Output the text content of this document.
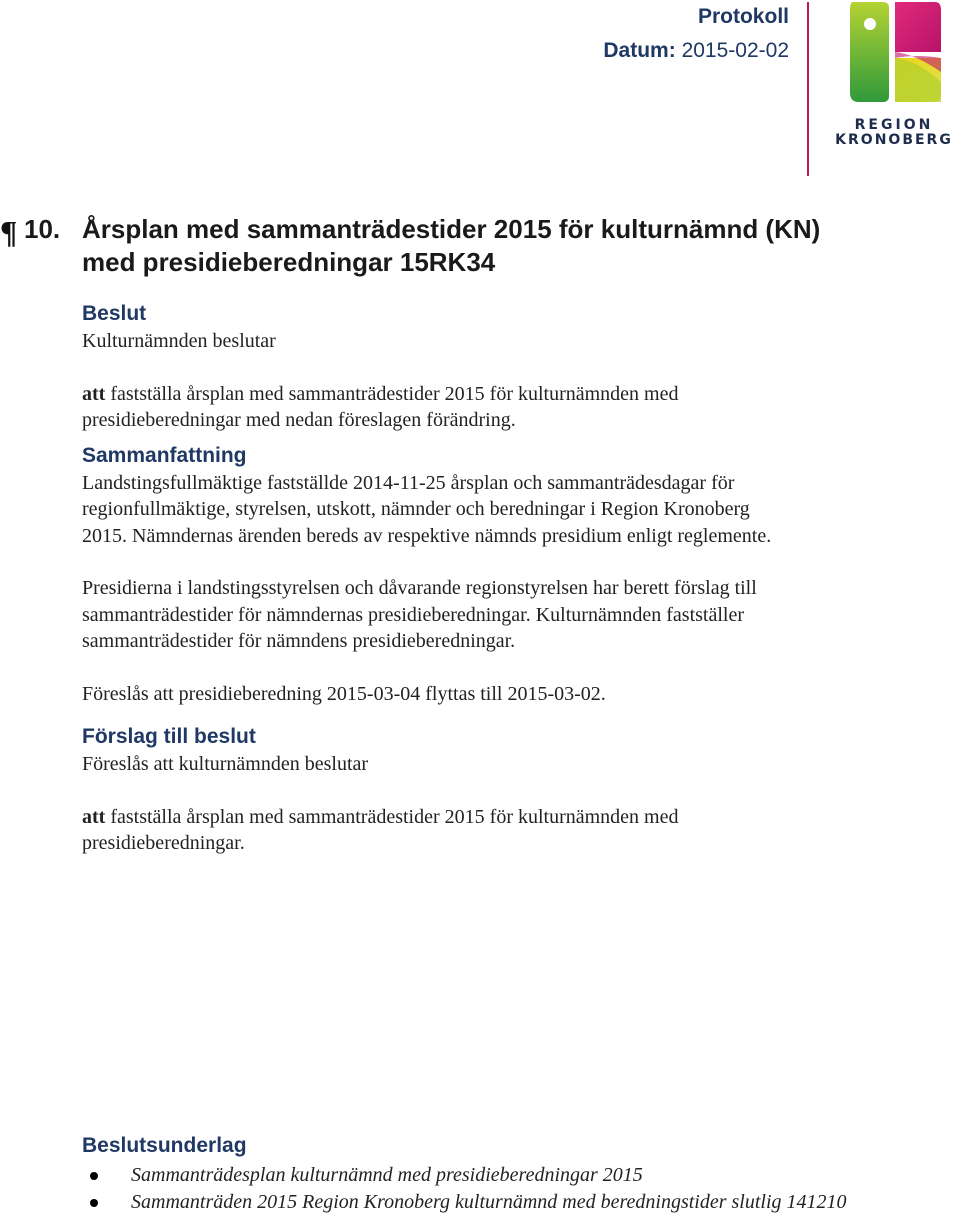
Protokoll
Datum: 2015-02-02
REGION
KRONOBERG
¶ 10. Årsplan med sammanträdestider 2015 för kulturnämnd (KN)
med presidieberedningar 15RK34
Beslut

Kulturnämnden beslutar

att fastställa årsplan med sammanträdestider 2015 för kulturnämnden med

presidieberedningar med nedan föreslagen förändring.

Sammanfattning

Landstingsfullmäktige fastställde 2014-11-25 årsplan och sammanträdesdagar för

regionfullmäktige, styrelsen, utskott, nämnder och beredningar i Region Kronoberg

2015. Nämndernas ärenden bereds av respektive nämnds presidium enligt reglemente.

Presidierna i landstingsstyrelsen och dåvarande regionstyrelsen har berett förslag till

sammanträdestider för nämndernas presidieberedningar. Kulturnämnden fastställer

sammanträdestider för nämndens presidieberedningar.

Föreslås att presidieberedning 2015-03-04 flyttas till 2015-03-02.

Förslag till beslut

Föreslås att kulturnämnden beslutar

att fastställa årsplan med sammanträdestider 2015 för kulturnämnden med

presidieberedningar.

Beslutsunderlag
Sammanträdesplan kulturnämnd med presidieberedningar 2015
Sammanträden 2015 Region Kronoberg kulturnämnd med beredningstider slutlig 141210
